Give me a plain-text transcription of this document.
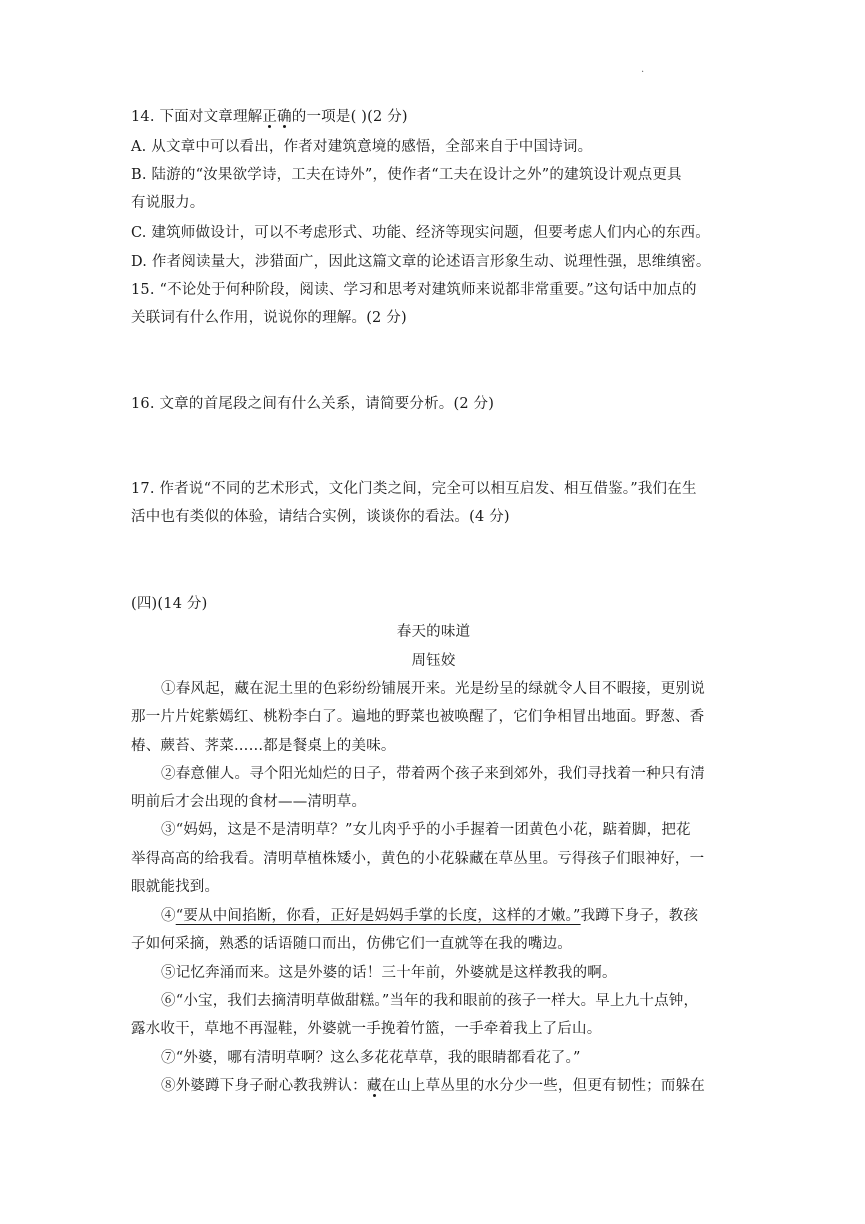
.
14. 下面对文章理解正确的一项是( )(2 分)
A. 从文章中可以看出，作者对建筑意境的感悟，全部来自于中国诗词。
B. 陆游的“汝果欲学诗，工夫在诗外”，使作者“工夫在设计之外”的建筑设计观点更具
有说服力。
C. 建筑师做设计，可以不考虑形式、功能、经济等现实问题，但要考虑人们内心的东西。
D. 作者阅读量大，涉猎面广，因此这篇文章的论述语言形象生动、说理性强，思维缜密。
15. “不论处于何种阶段，阅读、学习和思考对建筑师来说都非常重要。”这句话中加点的
关联词有什么作用，说说你的理解。(2 分)
16. 文章的首尾段之间有什么关系，请简要分析。(2 分)
17. 作者说“不同的艺术形式，文化门类之间，完全可以相互启发、相互借鉴。”我们在生
活中也有类似的体验，请结合实例，谈谈你的看法。(4 分)
(四)(14 分)
春天的味道
周钰姣
①春风起，藏在泥土里的色彩纷纷铺展开来。光是纷呈的绿就令人目不暇接，更别说
那一片片姹紫嫣红、桃粉李白了。遍地的野菜也被唤醒了，它们争相冒出地面。野葱、香
椿、蕨苔、荠菜……都是餐桌上的美味。
②春意催人。寻个阳光灿烂的日子，带着两个孩子来到郊外，我们寻找着一种只有清
明前后才会出现的食材——清明草。
③“妈妈，这是不是清明草？”女儿肉乎乎的小手握着一团黄色小花，踮着脚，把花
举得高高的给我看。清明草植株矮小，黄色的小花躲藏在草丛里。亏得孩子们眼神好，一
眼就能找到。
④“要从中间掐断，你看，正好是妈妈手掌的长度，这样的才嫩。”我蹲下身子，教孩
子如何采摘，熟悉的话语随口而出，仿佛它们一直就等在我的嘴边。
⑤记忆奔涌而来。这是外婆的话！三十年前，外婆就是这样教我的啊。
⑥“小宝，我们去摘清明草做甜糕。”当年的我和眼前的孩子一样大。早上九十点钟，
露水收干，草地不再湿鞋，外婆就一手挽着竹篮，一手牵着我上了后山。
⑦“外婆，哪有清明草啊？这么多花花草草，我的眼睛都看花了。”
⑧外婆蹲下身子耐心教我辨认：藏在山上草丛里的水分少一些，但更有韧性；而躲在
